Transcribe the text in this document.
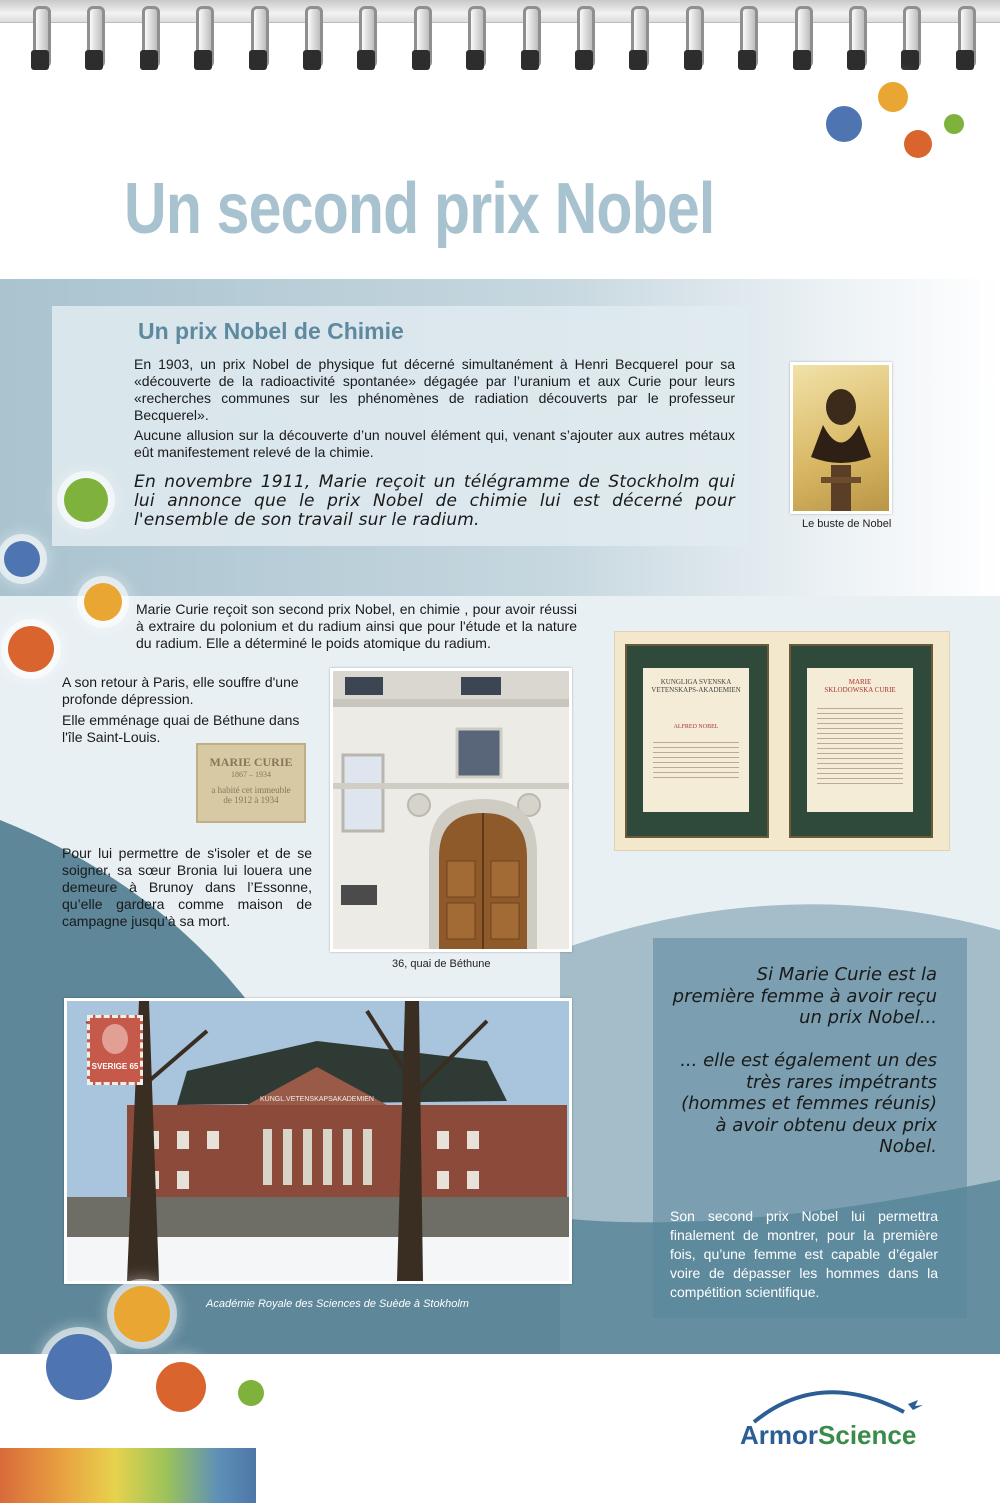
Un second prix Nobel
Un prix Nobel de Chimie
En 1903, un prix Nobel de physique fut décerné simultanément à Henri Becquerel pour sa «découverte de la radioactivité spontanée» dégagée par l’uranium et aux Curie pour leurs «recherches communes sur les phénomènes de radiation découverts par le professeur Becquerel».
Aucune allusion sur la découverte d’un nouvel élément qui, venant s’ajouter aux autres métaux eût manifestement relevé de la chimie.
En novembre 1911, Marie reçoit un télégramme de Stockholm qui lui annonce que le prix Nobel de chimie lui est décerné pour l'ensemble de son travail sur le radium.	Le buste de Nobel
Marie Curie reçoit son second prix Nobel, en chimie , pour avoir réussi à extraire du polonium et du radium ainsi que pour l'étude et la nature du radium. Elle a déterminé le poids atomique du radium.
A son retour à Paris, elle souffre d'une profonde dépression.
Elle emménage quai de Béthune dans l'île Saint-Louis.
MARIE CURIE
1867 – 1934
a habité cet immeuble
de 1912 à 1934
Pour lui permettre de s'isoler et de se soigner, sa sœur Bronia lui louera une demeure à Brunoy dans l’Essonne, qu’elle gardera comme maison de campagne jusqu’à sa mort.
36, quai de Béthune
KUNGLIGA SVENSKA
VETENSKAPS-AKADEMIEN
ALFRED NOBEL
MARIE
SKLODOWSKA CURIE
Si Marie Curie est la première femme à avoir reçu un prix Nobel...
... elle est également un des très rares impétrants (hommes et femmes réunis) à avoir obtenu deux prix Nobel.
Son second prix Nobel lui permettra finalement de montrer, pour la première fois, qu’une femme est capable d’égaler voire de dépasser les hommes dans la compétition scientifique.
KUNGL.VETENSKAPSAKADEMIEN
SVERIGE 65
Académie Royale des Sciences de Suède à Stokholm
ArmorScience
